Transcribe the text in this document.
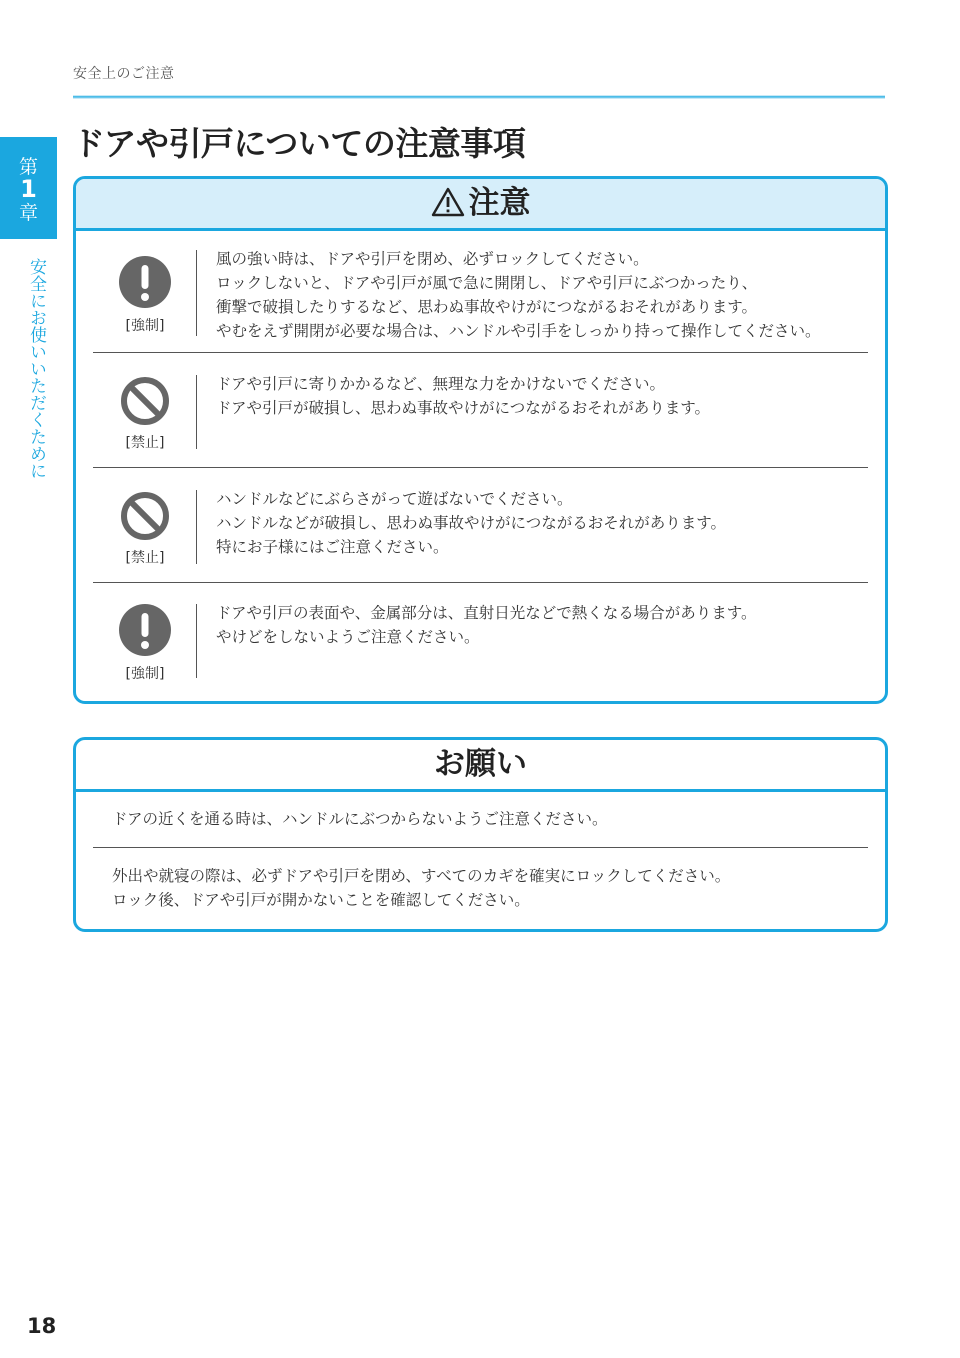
安全上のご注意
ドアや引戸についての注意事項
第
1
章
安全にお使いいただくために
注意
[強制]
風の強い時は、ドアや引戸を閉め、必ずロックしてください。
ロックしないと、ドアや引戸が風で急に開閉し、ドアや引戸にぶつかったり、
衝撃で破損したりするなど、思わぬ事故やけがにつながるおそれがあります。
やむをえず開閉が必要な場合は、ハンドルや引手をしっかり持って操作してください。
[禁止]
ドアや引戸に寄りかかるなど、無理な力をかけないでください。
ドアや引戸が破損し、思わぬ事故やけがにつながるおそれがあります。
[禁止]
ハンドルなどにぶらさがって遊ばないでください。
ハンドルなどが破損し、思わぬ事故やけがにつながるおそれがあります。
特にお子様にはご注意ください。
[強制]
ドアや引戸の表面や、金属部分は、直射日光などで熱くなる場合があります。
やけどをしないようご注意ください。
お願い
ドアの近くを通る時は、ハンドルにぶつからないようご注意ください。
外出や就寝の際は、必ずドアや引戸を閉め、すべてのカギを確実にロックしてください。
ロック後、ドアや引戸が開かないことを確認してください。
18
